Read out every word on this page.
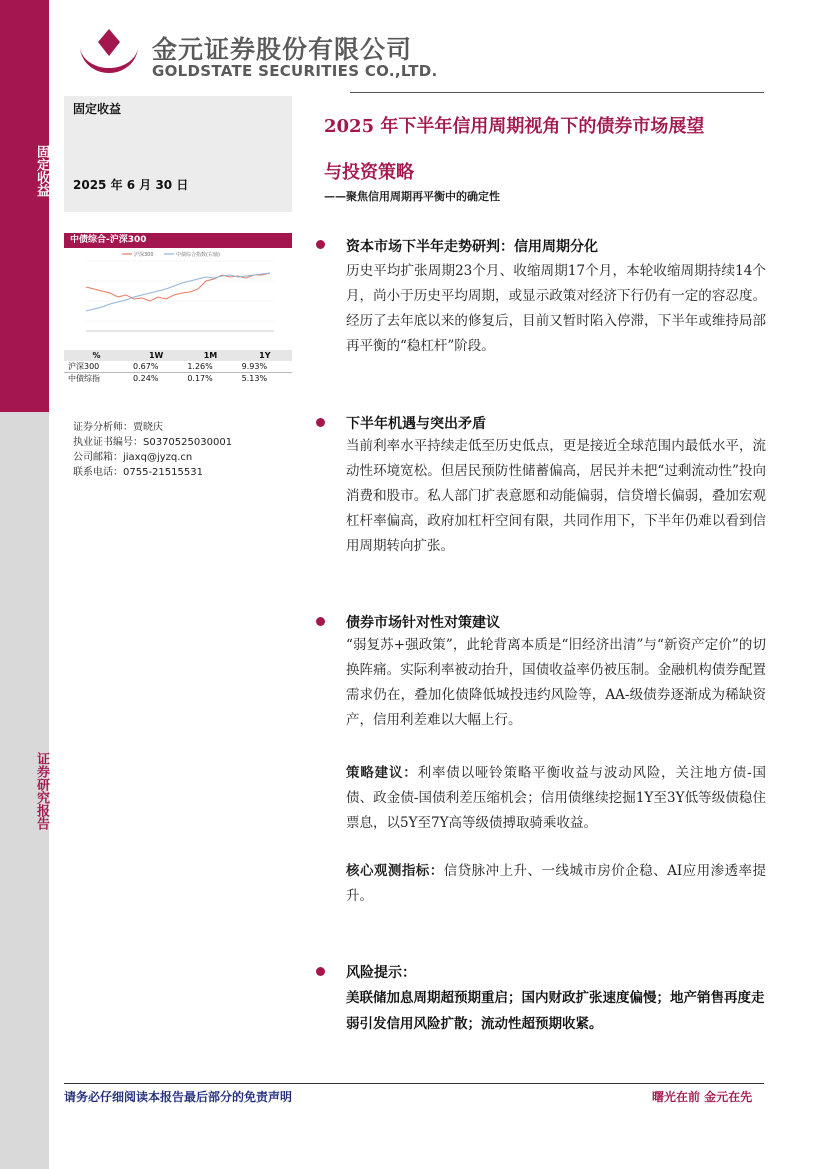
固定收益
证券研究报告
金元证券股份有限公司
GOLDSTATE SECURITIES CO.,LTD.
固定收益
2025 年 6 月 30 日
中债综合-沪深300
沪深300	中债综合指数(右轴)
%	1W	1M	1Y
沪深300	0.67%	1.26%	9.93%
中债综指	0.24%	0.17%	5.13%
证券分析师：贾晓庆
执业证书编号：S0370525030001
公司邮箱：jiaxq@jyzq.cn
联系电话：0755-21515531
2025 年下半年信用周期视角下的债券市场展望
与投资策略
——聚焦信用周期再平衡中的确定性
资本市场下半年走势研判：信用周期分化
历史平均扩张周期23个月、收缩周期17个月，本轮收缩周期持续14个月，尚小于历史平均周期，或显示政策对经济下行仍有一定的容忍度。经历了去年底以来的修复后，目前又暂时陷入停滞，下半年或维持局部再平衡的“稳杠杆”阶段。
下半年机遇与突出矛盾
当前利率水平持续走低至历史低点，更是接近全球范围内最低水平，流动性环境宽松。但居民预防性储蓄偏高，居民并未把“过剩流动性”投向消费和股市。私人部门扩表意愿和动能偏弱，信贷增长偏弱，叠加宏观杠杆率偏高，政府加杠杆空间有限，共同作用下，下半年仍难以看到信用周期转向扩张。
债券市场针对性对策建议
“弱复苏+强政策”，此轮背离本质是“旧经济出清”与“新资产定价”的切换阵痛。实际利率被动抬升，国债收益率仍被压制。金融机构债券配置需求仍在，叠加化债降低城投违约风险等，AA-级债券逐渐成为稀缺资产，信用利差难以大幅上行。
策略建议：利率债以哑铃策略平衡收益与波动风险，关注地方债-国债、政金债-国债利差压缩机会；信用债继续挖掘1Y至3Y低等级债稳住票息，以5Y至7Y高等级债搏取骑乘收益。
核心观测指标：信贷脉冲上升、一线城市房价企稳、AI应用渗透率提升。
风险提示：
美联储加息周期超预期重启；国内财政扩张速度偏慢；地产销售再度走弱引发信用风险扩散；流动性超预期收紧。
请务必仔细阅读本报告最后部分的免责声明	曙光在前 金元在先
